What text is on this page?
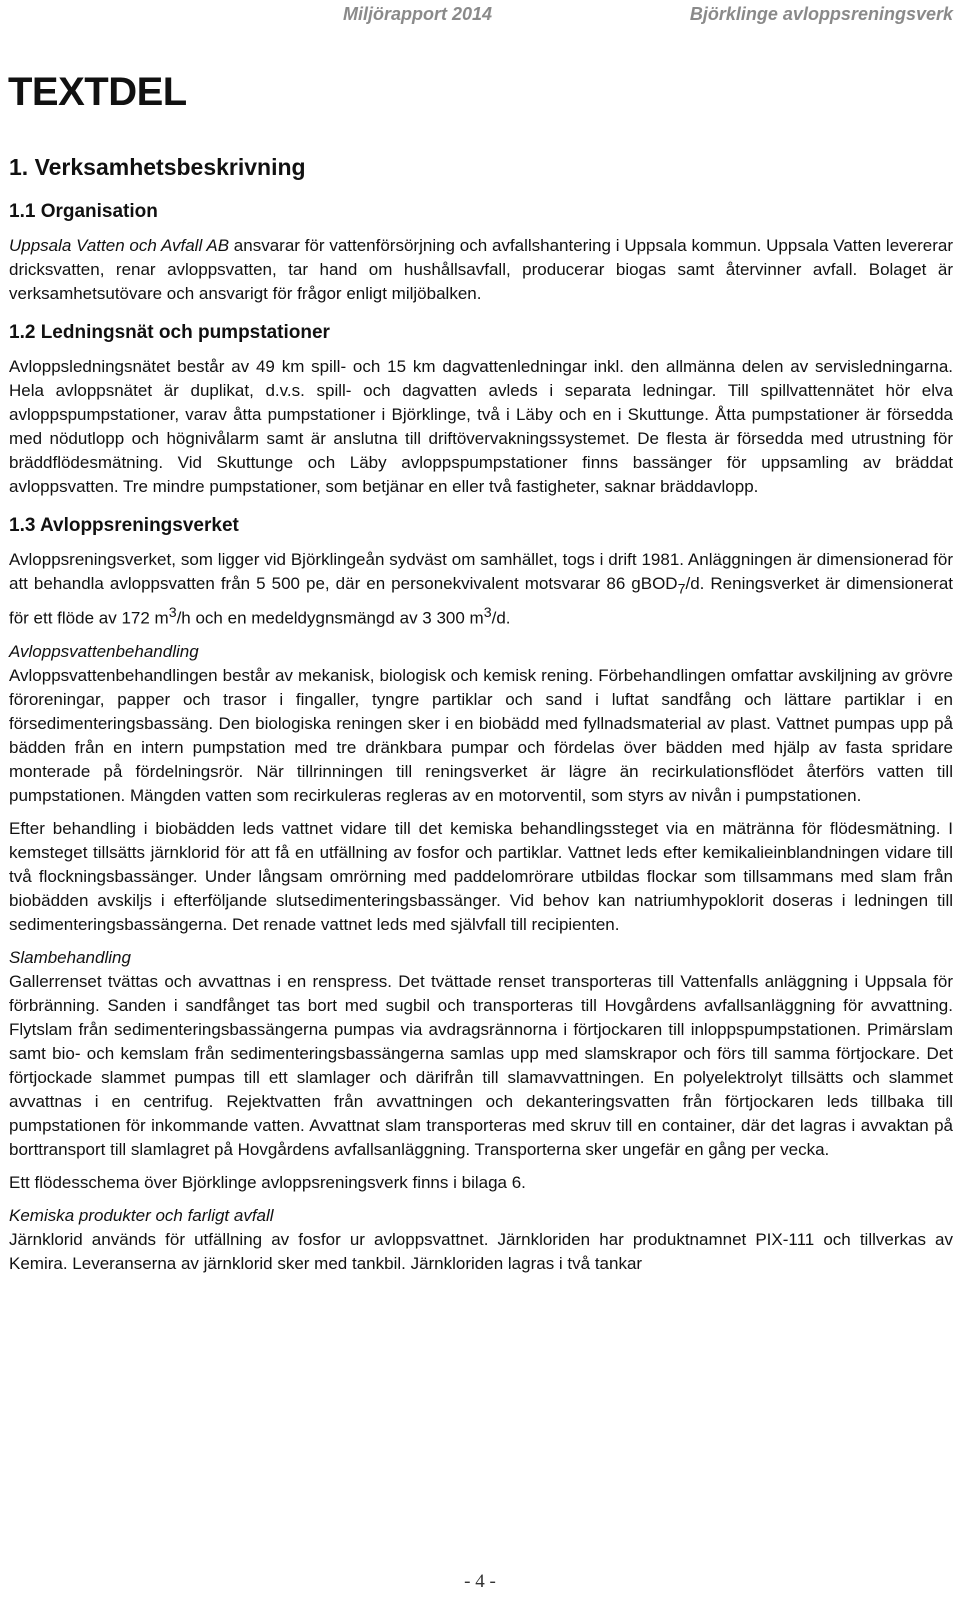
Miljörapport 2014	Björklinge avloppsreningsverk
TEXTDEL
1. Verksamhetsbeskrivning
1.1 Organisation

Uppsala Vatten och Avfall AB ansvarar för vattenförsörjning och avfallshantering i Uppsala kommun. Uppsala Vatten levererar dricksvatten, renar avloppsvatten, tar hand om hushållsavfall, producerar biogas samt återvinner avfall. Bolaget är verksamhetsutövare och ansvarigt för frågor enligt miljöbalken.

1.2 Ledningsnät och pumpstationer

Avloppsledningsnätet består av 49 km spill- och 15 km dagvattenledningar inkl. den allmänna delen av servisledningarna. Hela avloppsnätet är duplikat, d.v.s. spill- och dagvatten avleds i separata ledningar. Till spillvattennätet hör elva avloppspumpstationer, varav åtta pumpstationer i Björklinge, två i Läby och en i Skuttunge. Åtta pumpstationer är försedda med nödutlopp och högnivålarm samt är anslutna till driftövervakningssystemet. De flesta är försedda med utrustning för bräddflödesmätning. Vid Skuttunge och Läby avloppspumpstationer finns bassänger för uppsamling av bräddat avloppsvatten. Tre mindre pumpstationer, som betjänar en eller två fastigheter, saknar bräddavlopp.

1.3 Avloppsreningsverket

Avloppsreningsverket, som ligger vid Björklingeån sydväst om samhället, togs i drift 1981. Anläggningen är dimensionerad för att behandla avloppsvatten från 5 500 pe, där en personekvivalent motsvarar 86 gBOD$_7$/d. Reningsverket är dimensionerat för ett flöde av 172 $m^3/h$ och en medeldygnsmängd av 3 300 $m^3/d$.

Avloppsvattenbehandling

Avloppsvattenbehandlingen består av mekanisk, biologisk och kemisk rening. Förbehandlingen omfattar avskiljning av grövre föroreningar, papper och trasor i fingaller, tyngre partiklar och sand i luftat sandfång och lättare partiklar i en försedimenteringsbassäng. Den biologiska reningen sker i en biobädd med fyllnadsmaterial av plast. Vattnet pumpas upp på bädden från en intern pumpstation med tre dränkbara pumpar och fördelas över bädden med hjälp av fasta spridare monterade på fördelningsrör. När tillrinningen till reningsverket är lägre än recirkulationsflödet återförs vatten till pumpstationen. Mängden vatten som recirkuleras regleras av en motorventil, som styrs av nivån i pumpstationen.

Efter behandling i biobädden leds vattnet vidare till det kemiska behandlingssteget via en mätränna för flödesmätning. I kemsteget tillsätts järnklorid för att få en utfällning av fosfor och partiklar. Vattnet leds efter kemikalieinblandningen vidare till två flockningsbassänger. Under långsam omrörning med paddelomrörare utbildas flockar som tillsammans med slam från biobädden avskiljs i efterföljande slutsedimenteringsbassänger. Vid behov kan natriumhypoklorit doseras i ledningen till sedimenteringsbassängerna. Det renade vattnet leds med självfall till recipienten.

Slambehandling

Gallerrenset tvättas och avvattnas i en renspress. Det tvättade renset transporteras till Vattenfalls anläggning i Uppsala för förbränning. Sanden i sandfånget tas bort med sugbil och transporteras till Hovgårdens avfallsanläggning för avvattning. Flytslam från sedimenteringsbassängerna pumpas via avdragsrännorna i förtjockaren till inloppspumpstationen. Primärslam samt bio- och kemslam från sedimenteringsbassängerna samlas upp med slamskrapor och förs till samma förtjockare. Det förtjockade slammet pumpas till ett slamlager och därifrån till slamavvattningen. En polyelektrolyt tillsätts och slammet avvattnas i en centrifug. Rejektvatten från avvattningen och dekanteringsvatten från förtjockaren leds tillbaka till pumpstationen för inkommande vatten. Avvattnat slam transporteras med skruv till en container, där det lagras i avvaktan på borttransport till slamlagret på Hovgårdens avfallsanläggning. Transporterna sker ungefär en gång per vecka.

Ett flödesschema över Björklinge avloppsreningsverk finns i bilaga 6.

Kemiska produkter och farligt avfall

Järnklorid används för utfällning av fosfor ur avloppsvattnet. Järnkloriden har produktnamnet PIX-111 och tillverkas av Kemira. Leveranserna av järnklorid sker med tankbil. Järnkloriden lagras i två tankar

- 4 -
